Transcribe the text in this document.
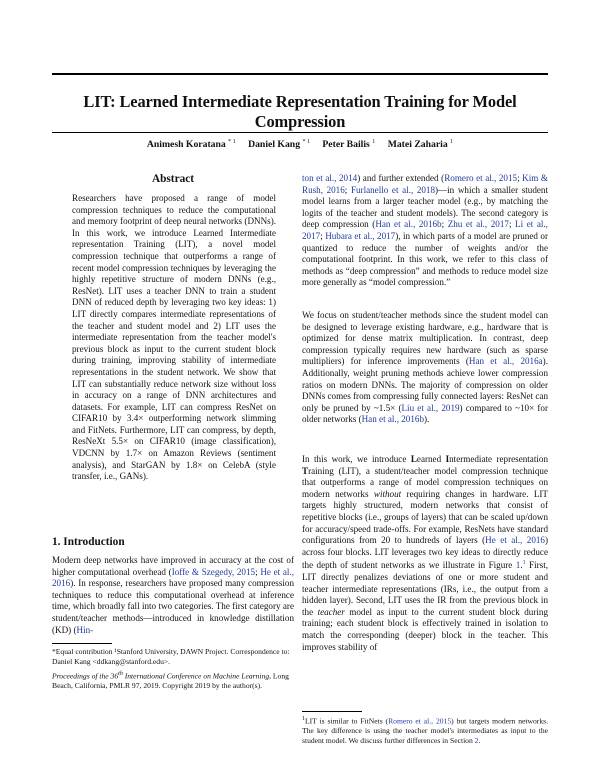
LIT: Learned Intermediate Representation Training for Model Compression
Animesh Koratana $^{* 1}$ Daniel Kang $^{* 1}$ Peter Bailis $^1$ Matei Zaharia $^1$
Abstract

Researchers have proposed a range of model compression techniques to reduce the computational and memory footprint of deep neural networks (DNNs). In this work, we introduce Learned Intermediate representation Training (LIT), a novel model compression technique that outperforms a range of recent model compression techniques by leveraging the highly repetitive structure of modern DNNs (e.g., ResNet). LIT uses a teacher DNN to train a student DNN of reduced depth by leveraging two key ideas: 1) LIT directly compares intermediate representations of the teacher and student model and 2) LIT uses the intermediate representation from the teacher model's previous block as input to the current student block during training, improving stability of intermediate representations in the student network. We show that LIT can substantially reduce network size without loss in accuracy on a range of DNN architectures and datasets. For example, LIT can compress ResNet on CIFAR10 by 3.4× outperforming network slimming and FitNets. Furthermore, LIT can compress, by depth, ResNeXt 5.5× on CIFAR10 (image classification), VDCNN by 1.7× on Amazon Reviews (sentiment analysis), and StarGAN by 1.8× on CelebA (style transfer, i.e., GANs).

1. Introduction

Modern deep networks have improved in accuracy at the cost of higher computational overhead (Ioffe & Szegedy, 2015; He et al., 2016). In response, researchers have proposed many compression techniques to reduce this computational overhead at inference time, which broadly fall into two categories. The first category are student/teacher methods—introduced in knowledge distillation (KD) (Hin-

*Equal contribution ¹Stanford University, DAWN Project. Correspondence to: Daniel Kang <ddkang@stanford.edu>.

Proceedings of the 36th International Conference on Machine Learning, Long Beach, California, PMLR 97, 2019. Copyright 2019 by the author(s).

ton et al., 2014) and further extended (Romero et al., 2015; Kim & Rush, 2016; Furlanello et al., 2018)—in which a smaller student model learns from a larger teacher model (e.g., by matching the logits of the teacher and student models). The second category is deep compression (Han et al., 2016b; Zhu et al., 2017; Li et al., 2017; Hubara et al., 2017), in which parts of a model are pruned or quantized to reduce the number of weights and/or the computational footprint. In this work, we refer to this class of methods as “deep compression” and methods to reduce model size more generally as “model compression.”

We focus on student/teacher methods since the student model can be designed to leverage existing hardware, e.g., hardware that is optimized for dense matrix multiplication. In contrast, deep compression typically requires new hardware (such as sparse multipliers) for inference improvements (Han et al., 2016a). Additionally, weight pruning methods achieve lower compression ratios on modern DNNs. The majority of compression on older DNNs comes from compressing fully connected layers: ResNet can only be pruned by ~1.5× (Liu et al., 2019) compared to ~10× for older networks (Han et al., 2016b).

In this work, we introduce Learned Intermediate representation Training (LIT), a student/teacher model compression technique that outperforms a range of model compression techniques on modern networks without requiring changes in hardware. LIT targets highly structured, modern networks that consist of repetitive blocks (i.e., groups of layers) that can be scaled up/down for accuracy/speed trade-offs. For example, ResNets have standard configurations from 20 to hundreds of layers (He et al., 2016) across four blocks. LIT leverages two key ideas to directly reduce the depth of student networks as we illustrate in Figure 1.$^1$ First, LIT directly penalizes deviations of one or more student and teacher intermediate representations (IRs, i.e., the output from a hidden layer). Second, LIT uses the IR from the previous block in the teacher model as input to the current student block during training; each student block is effectively trained in isolation to match the corresponding (deeper) block in the teacher. This improves stability of

$^1$LIT is similar to FitNets (Romero et al., 2015) but targets modern networks. The key difference is using the teacher model's intermediates as input to the student model. We discuss further differences in Section 2.
